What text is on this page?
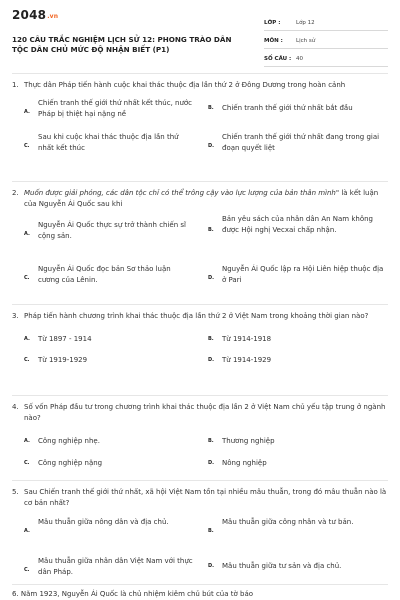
2048.vn
120 CÂU TRẮC NGHIỆM LỊCH SỬ 12: PHONG TRÀO DÂN TỘC DÂN CHỦ MỨC ĐỘ NHẬN BIẾT (P1)
LỚP :	Lớp 12
MÔN : Lịch sử
SỐ CÂU : 40
1. Thực dân Pháp tiến hành cuộc khai thác thuộc địa lần thứ 2 ở Đông Dương trong hoàn cảnh
A.
Chiến tranh thế giới thứ nhất kết thúc, nước Pháp bị thiệt hại nặng nề
B. Chiến tranh thế giới thứ nhất bắt đầu
C.
Sau khi cuộc khai thác thuộc địa lần thứ nhất kết thúc	D.
Chiến tranh thế giới thứ nhất đang trong giai đoạn quyết liệt
2. Muốn được giải phóng, các dân tộc chỉ có thể trông cậy vào lực lượng của bản thân mình" là kết luận của Nguyễn Ái Quốc sau khi
A.
Nguyễn Ái Quốc thực sự trở thành chiến sĩ cộng sản.
B.
Bản yêu sách của nhân dân An Nam không được Hội nghị Vecxai chấp nhận.
C.
Nguyễn Ái Quốc đọc bản Sơ thảo luận cương của Lênin.	D.
Nguyễn Ái Quốc lập ra Hội Liên hiệp thuộc địa ở Pari
3. Pháp tiến hành chương trình khai thác thuộc địa lần thứ 2 ở Việt Nam trong khoảng thời gian nào?
A. Từ 1897 - 1914	B. Từ 1914-1918
C. Từ 1919-1929	D. Từ 1914-1929
4. Số vốn Pháp đầu tư trong chương trình khai thác thuộc địa lần 2 ở Việt Nam chủ yếu tập trung ở ngành nào?
A. Công nghiệp nhẹ.	B. Thương nghiệp
C. Công nghiệp nặng	D. Nông nghiệp
5. Sau Chiến tranh thế giới thứ nhất, xã hội Việt Nam tồn tại nhiều mâu thuẫn, trong đó mâu thuẫn nào là cơ bản nhất?
A.
Mâu thuẫn giữa nông dân và địa chủ.
B.
Mâu thuẫn giữa công nhân và tư bản.
C.
Mâu thuẫn giữa nhân dân Việt Nam với thực dân Pháp.
D. Mâu thuẫn giữa tư sản và địa chủ.
6. Năm 1923, Nguyễn Ái Quốc là chủ nhiệm kiêm chủ bút của tờ báo
